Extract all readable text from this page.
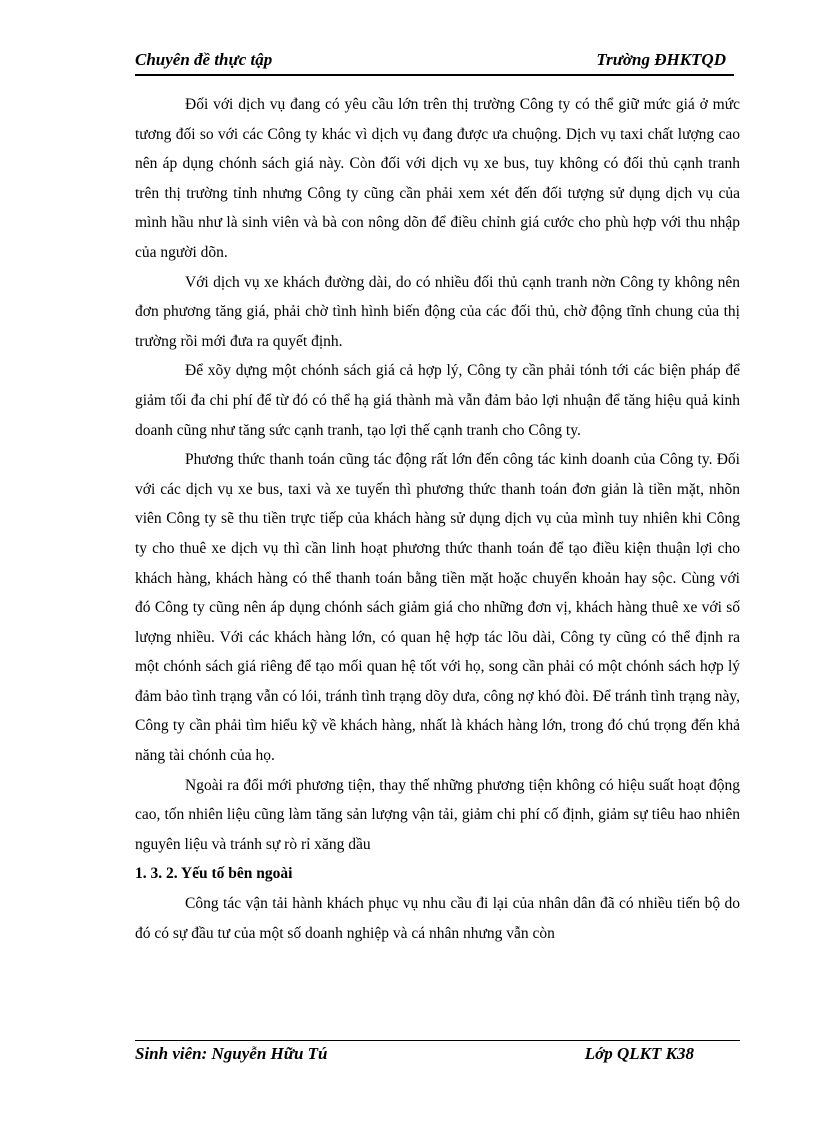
Chuyên đề thực tập	Trường ĐHKTQD

Đối với dịch vụ đang có yêu cầu lớn trên thị trường Công ty có thể giữ mức giá ở mức tương đối so với các Công ty khác vì dịch vụ đang được ưa chuộng. Dịch vụ taxi chất lượng cao nên áp dụng chónh sách giá này. Còn đối với dịch vụ xe bus, tuy không có đối thủ cạnh tranh trên thị trường tỉnh nhưng Công ty cũng cần phải xem xét đến đối tượng sử dụng dịch vụ của mình hầu như là sinh viên và bà con nông dõn để điều chỉnh giá cước cho phù hợp với thu nhập của người dõn.

Với dịch vụ xe khách đường dài, do có nhiều đối thủ cạnh tranh nờn Công ty không nên đơn phương tăng giá, phải chờ tình hình biến động của các đối thủ, chờ động tĩnh chung của thị trường rồi mới đưa ra quyết định.

Để xõy dựng một chónh sách giá cả hợp lý, Công ty cần phải tónh tới các biện pháp để giảm tối đa chi phí để từ đó có thể hạ giá thành mà vẫn đảm bảo lợi nhuận để tăng hiệu quả kinh doanh cũng như tăng sức cạnh tranh, tạo lợi thế cạnh tranh cho Công ty.

Phương thức thanh toán cũng tác động rất lớn đến công tác kinh doanh của Công ty. Đối với các dịch vụ xe bus, taxi và xe tuyến thì phương thức thanh toán đơn giản là tiền mặt, nhõn viên Công ty sẽ thu tiền trực tiếp của khách hàng sử dụng dịch vụ của mình tuy nhiên khi Công ty cho thuê xe dịch vụ thì cần linh hoạt phương thức thanh toán để tạo điều kiện thuận lợi cho khách hàng, khách hàng có thể thanh toán bằng tiền mặt hoặc chuyển khoản hay sộc. Cùng với đó Công ty cũng nên áp dụng chónh sách giảm giá cho những đơn vị, khách hàng thuê xe với số lượng nhiều. Với các khách hàng lớn, có quan hệ hợp tác lõu dài, Công ty cũng có thể định ra một chónh sách giá riêng để tạo mối quan hệ tốt với họ, song cần phải có một chónh sách hợp lý đảm bảo tình trạng vẫn có lói, tránh tình trạng dõy dưa, công nợ khó đòi. Để tránh tình trạng này, Công ty cần phải tìm hiểu kỹ về khách hàng, nhất là khách hàng lớn, trong đó chú trọng đến khả năng tài chónh của họ.

Ngoài ra đổi mới phương tiện, thay thế những phương tiện không có hiệu suất hoạt động cao, tốn nhiên liệu cũng làm tăng sản lượng vận tải, giảm chi phí cố định, giảm sự tiêu hao nhiên nguyên liệu và tránh sự rò rỉ xăng dầu

1. 3. 2. Yếu tố bên ngoài

Công tác vận tải hành khách phục vụ nhu cầu đi lại của nhân dân đã có nhiều tiến bộ do đó có sự đầu tư của một số doanh nghiệp và cá nhân nhưng vẫn còn

Sinh viên: Nguyễn Hữu Tú	Lớp QLKT K38
